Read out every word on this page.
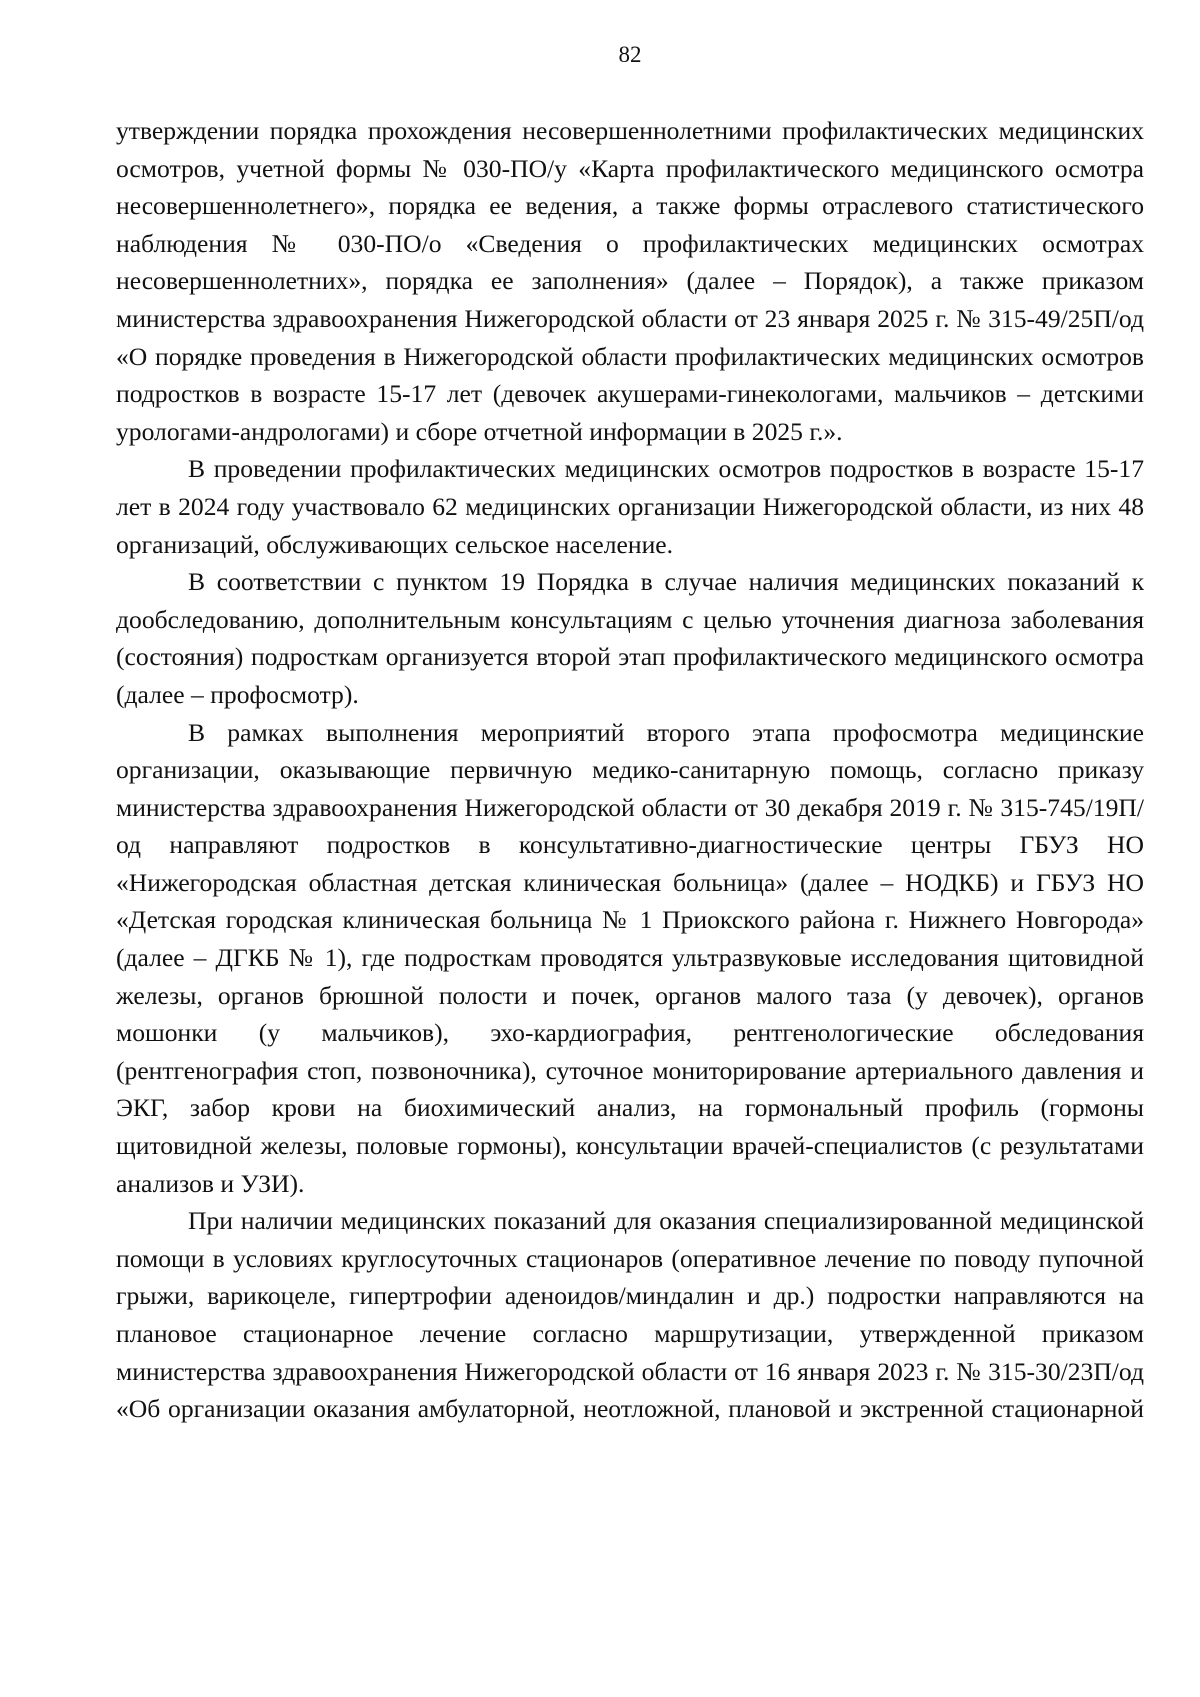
82

утверждении порядка прохождения несовершеннолетними профилактических медицинских осмотров, учетной формы № 030-ПО/у «Карта профилактического медицинского осмотра несовершеннолетнего», порядка ее ведения, а также формы отраслевого статистического наблюдения № 030-ПО/о «Сведения о профилактических медицинских осмотрах несовершеннолетних», порядка ее заполнения» (далее – Порядок), а также приказом министерства здравоохранения Нижегородской области от 23 января 2025 г. № 315-49/25П/од «О порядке проведения в Нижегородской области профилактических медицинских осмотров подростков в возрасте 15-17 лет (девочек акушерами-гинекологами, мальчиков – детскими урологами-андрологами) и сборе отчетной информации в 2025 г.».

В проведении профилактических медицинских осмотров подростков в возрасте 15-17 лет в 2024 году участвовало 62 медицинских организации Нижегородской области, из них 48 организаций, обслуживающих сельское население.

В соответствии с пунктом 19 Порядка в случае наличия медицинских показаний к дообследованию, дополнительным консультациям с целью уточнения диагноза заболевания (состояния) подросткам организуется второй этап профилактического медицинского осмотра (далее – профосмотр).

В рамках выполнения мероприятий второго этапа профосмотра медицинские организации, оказывающие первичную медико-санитарную помощь, согласно приказу министерства здравоохранения Нижегородской области от 30 декабря 2019 г. № 315-745/19П/од направляют подростков в консультативно-диагностические центры ГБУЗ НО «Нижегородская областная детская клиническая больница» (далее – НОДКБ) и ГБУЗ НО «Детская городская клиническая больница № 1 Приокского района г. Нижнего Новгорода» (далее – ДГКБ № 1), где подросткам проводятся ультразвуковые исследования щитовидной железы, органов брюшной полости и почек, органов малого таза (у девочек), органов мошонки (у мальчиков), эхо-кардиография, рентгенологические обследования (рентгенография стоп, позвоночника), суточное мониторирование артериального давления и ЭКГ, забор крови на биохимический анализ, на гормональный профиль (гормоны щитовидной железы, половые гормоны), консультации врачей-специалистов (с результатами анализов и УЗИ).

При наличии медицинских показаний для оказания специализированной медицинской помощи в условиях круглосуточных стационаров (оперативное лечение по поводу пупочной грыжи, варикоцеле, гипертрофии аденоидов/миндалин и др.) подростки направляются на плановое стационарное лечение согласно маршрутизации, утвержденной приказом министерства здравоохранения Нижегородской области от 16 января 2023 г. № 315-30/23П/од «Об организации оказания амбулаторной, неотложной, плановой и экстренной стационарной
